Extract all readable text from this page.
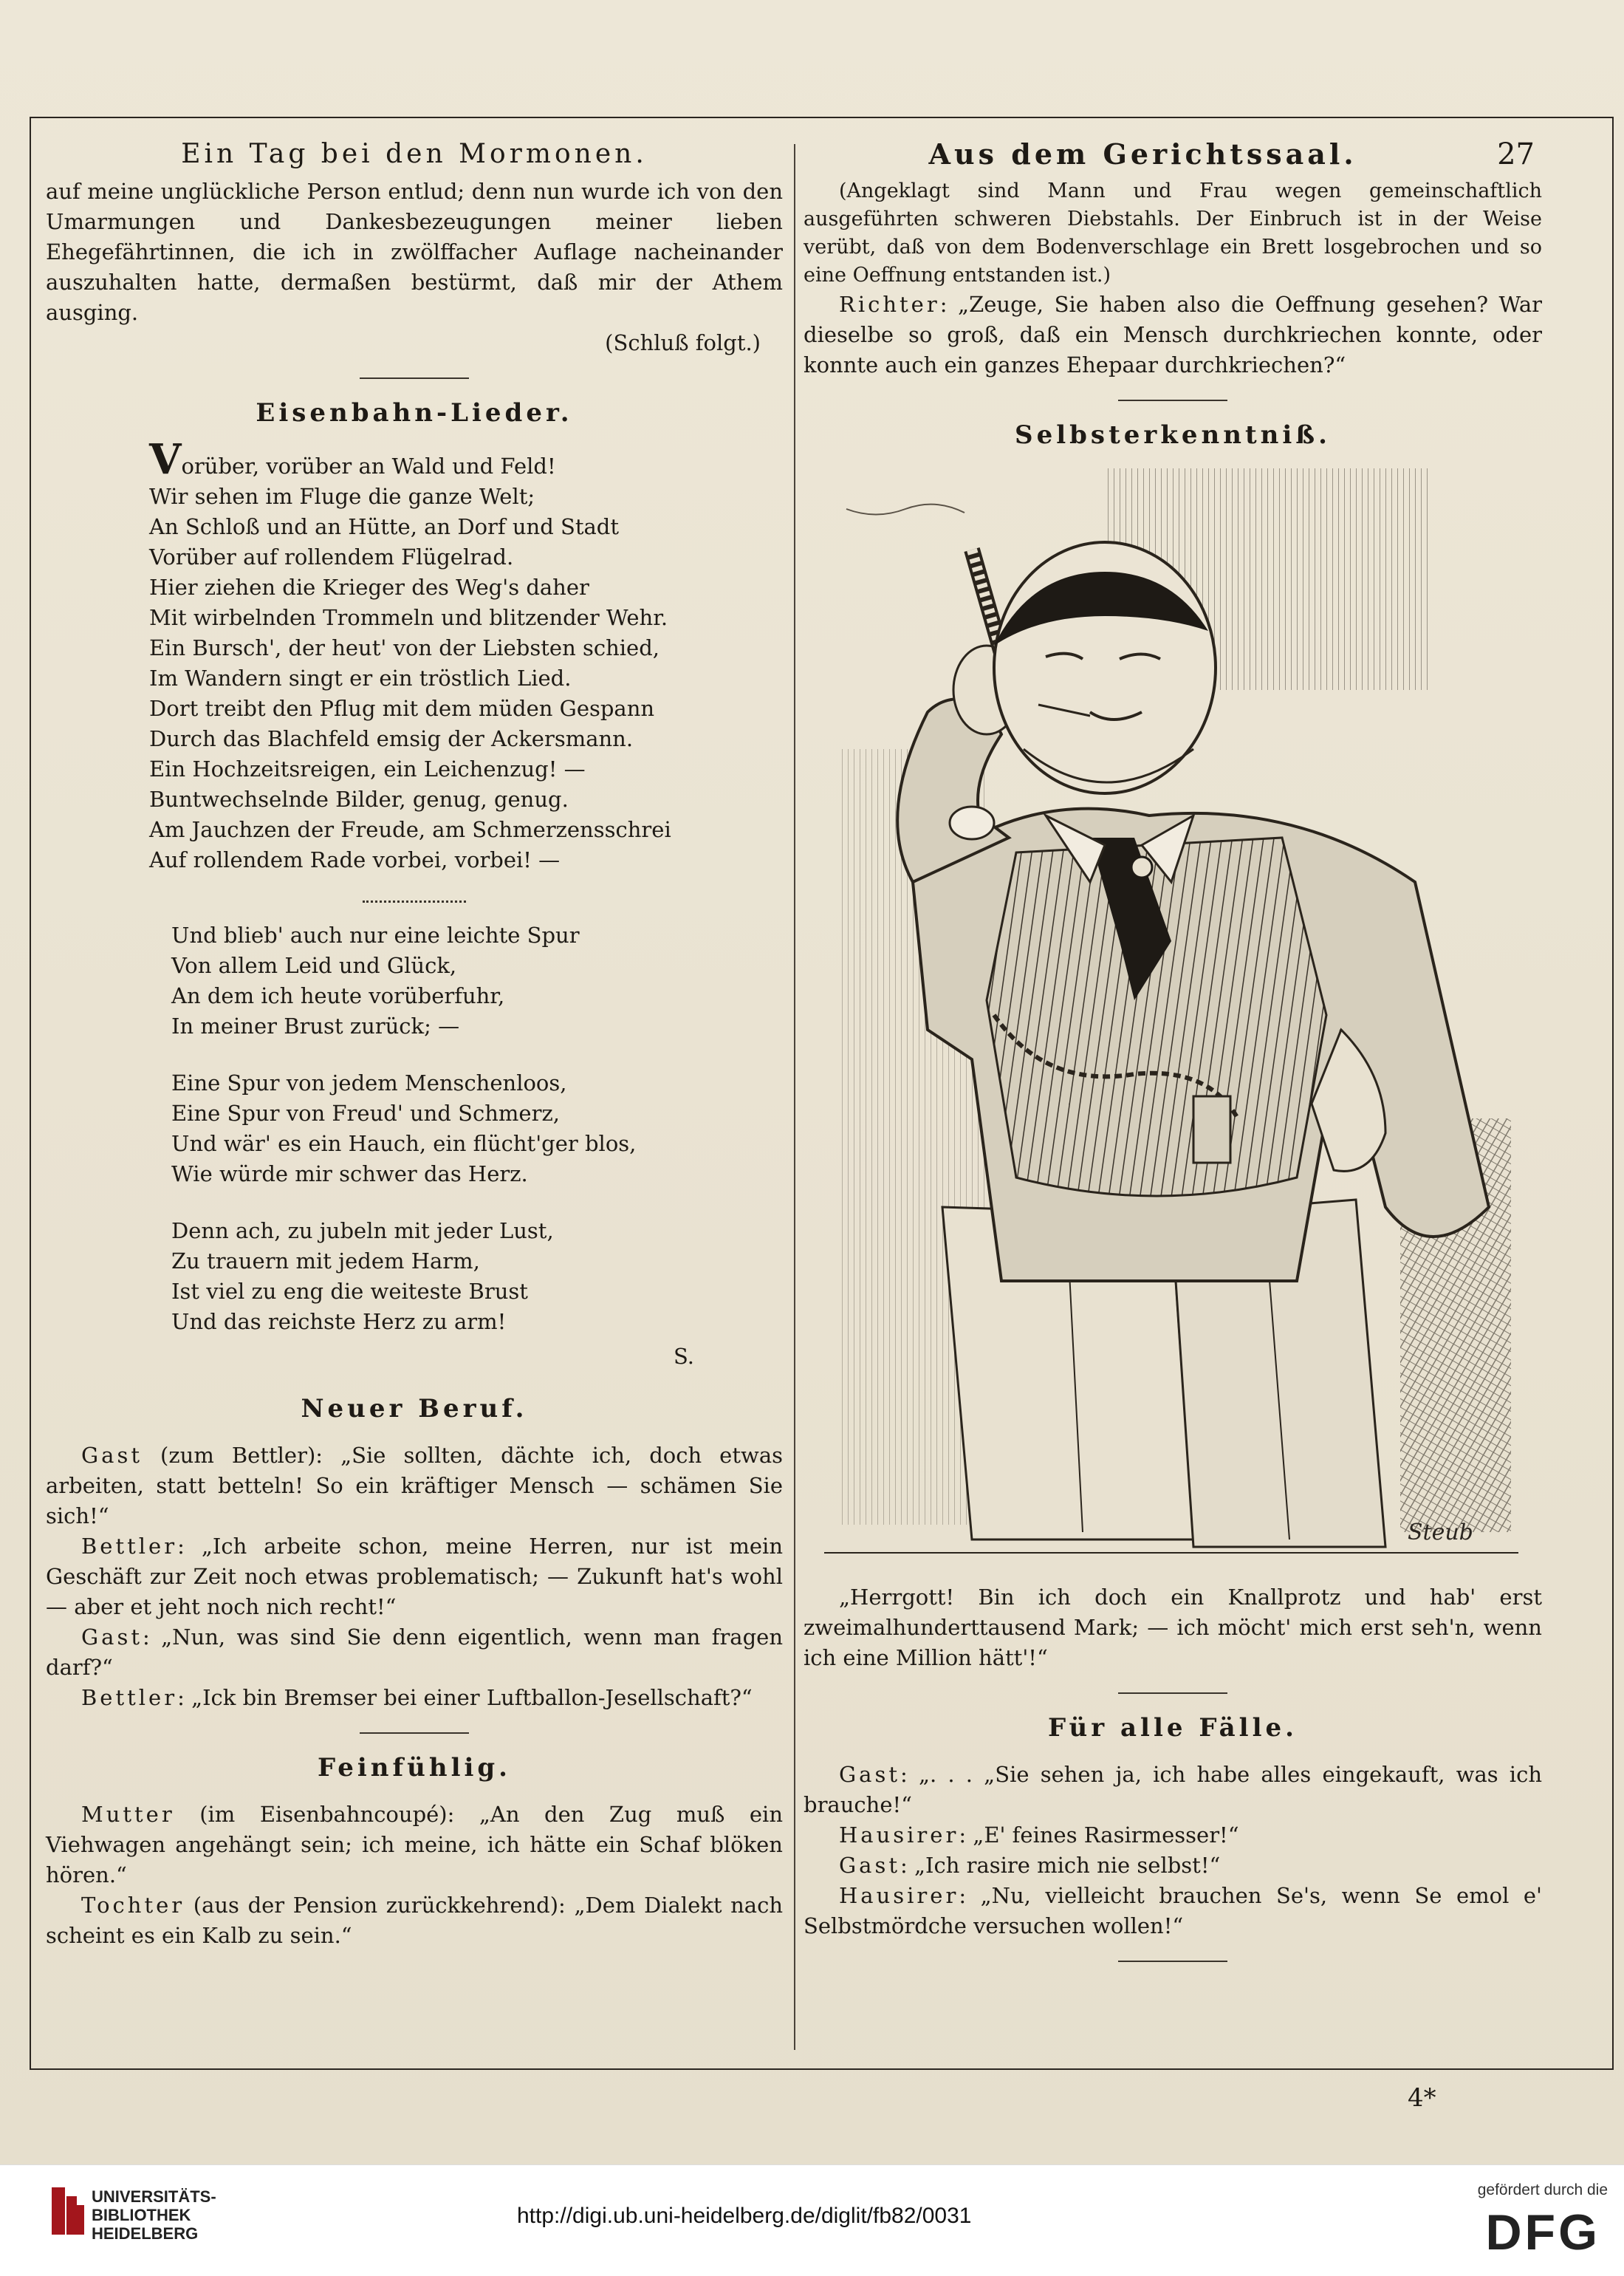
Ein Tag bei den Mormonen.

auf meine unglückliche Person entlud; denn nun wurde ich von den Umarmungen und Dankesbezeugungen meiner lieben Ehegefährtinnen, die ich in zwölffacher Auflage nacheinander auszuhalten hatte, dermaßen bestürmt, daß mir der Athem ausging.

(Schluß folgt.)

Eisenbahn-Lieder.
Vorüber, vorüber an Wald und Feld!
Wir sehen im Fluge die ganze Welt;
An Schloß und an Hütte, an Dorf und Stadt
Vorüber auf rollendem Flügelrad.
Hier ziehen die Krieger des Weg's daher
Mit wirbelnden Trommeln und blitzender Wehr.
Ein Bursch', der heut' von der Liebsten schied,
Im Wandern singt er ein tröstlich Lied.
Dort treibt den Pflug mit dem müden Gespann
Durch das Blachfeld emsig der Ackersmann.
Ein Hochzeitsreigen, ein Leichenzug! —
Buntwechselnde Bilder, genug, genug.
Am Jauchzen der Freude, am Schmerzensschrei
Auf rollendem Rade vorbei, vorbei! —
Und blieb' auch nur eine leichte Spur
Von allem Leid und Glück,
An dem ich heute vorüberfuhr,
In meiner Brust zurück; —
Eine Spur von jedem Menschenloos,
Eine Spur von Freud' und Schmerz,
Und wär' es ein Hauch, ein flücht'ger blos,
Wie würde mir schwer das Herz.
Denn ach, zu jubeln mit jeder Lust,
Zu trauern mit jedem Harm,
Ist viel zu eng die weiteste Brust
Und das reichste Herz zu arm!
S.
Neuer Beruf.

Gast (zum Bettler): „Sie sollten, dächte ich, doch etwas arbeiten, statt betteln! So ein kräftiger Mensch — schämen Sie sich!“

Bettler: „Ich arbeite schon, meine Herren, nur ist mein Geschäft zur Zeit noch etwas problematisch; — Zukunft hat's wohl — aber et jeht noch nich recht!“

Gast: „Nun, was sind Sie denn eigentlich, wenn man fragen darf?“

Bettler: „Ick bin Bremser bei einer Luftballon-Jesellschaft?“

Feinfühlig.

Mutter (im Eisenbahncoupé): „An den Zug muß ein Viehwagen angehängt sein; ich meine, ich hätte ein Schaf blöken hören.“

Tochter (aus der Pension zurückkehrend): „Dem Dialekt nach scheint es ein Kalb zu sein.“

Aus dem Gerichtssaal.	27

(Angeklagt sind Mann und Frau wegen gemeinschaftlich ausgeführten schweren Diebstahls. Der Einbruch ist in der Weise verübt, daß von dem Bodenverschlage ein Brett losgebrochen und so eine Oeffnung entstanden ist.)

Richter: „Zeuge, Sie haben also die Oeffnung gesehen? War dieselbe so groß, daß ein Mensch durchkriechen konnte, oder konnte auch ein ganzes Ehepaar durchkriechen?“

Selbsterkenntniß.
Steub

„Herrgott! Bin ich doch ein Knallprotz und hab' erst zweimalhunderttausend Mark; — ich möcht' mich erst seh'n, wenn ich eine Million hätt'!“

Für alle Fälle.

Gast: „. . . „Sie sehen ja, ich habe alles eingekauft, was ich brauche!“

Hausirer: „E' feines Rasirmesser!“

Gast: „Ich rasire mich nie selbst!“

Hausirer: „Nu, vielleicht brauchen Se's, wenn Se emol e' Selbstmördche versuchen wollen!“

4*
UNIVERSITÄTS-
BIBLIOTHEK
HEIDELBERG
http://digi.ub.uni-heidelberg.de/diglit/fb82/0031
gefördert durch die
DFG
